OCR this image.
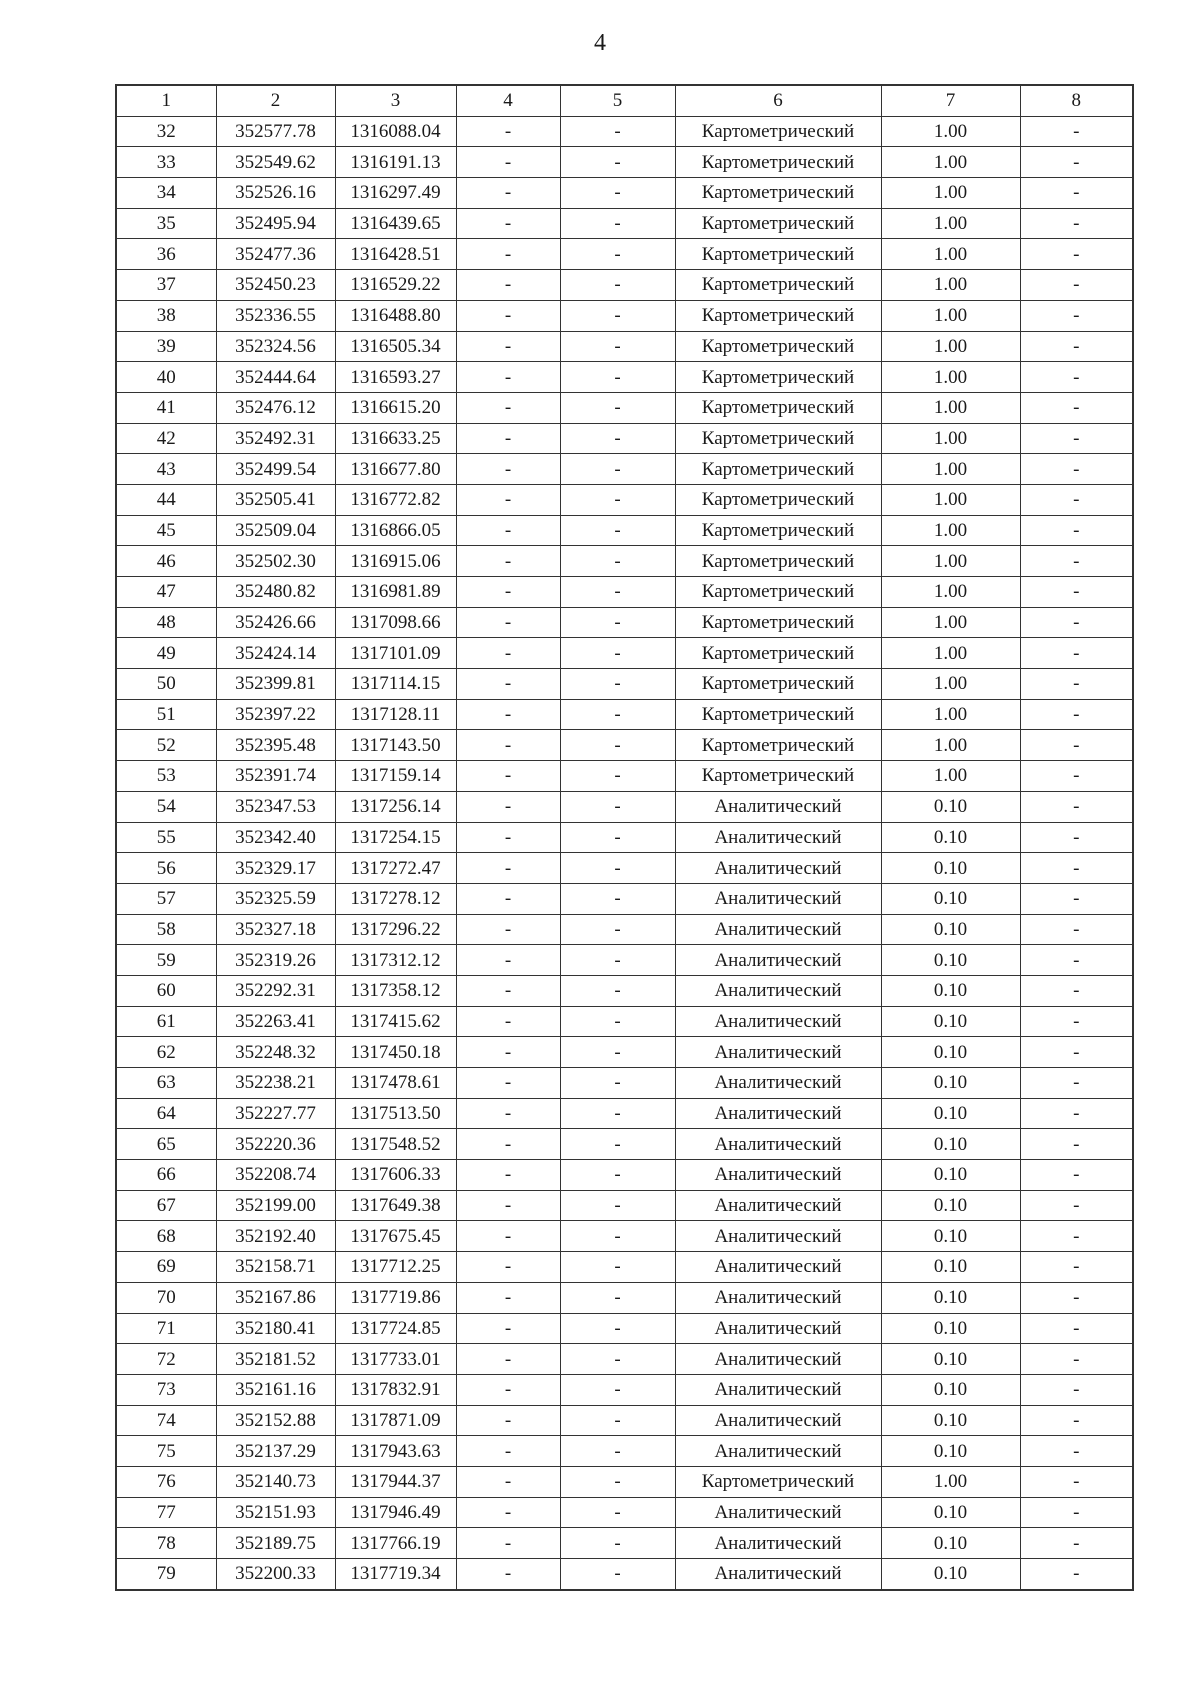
4
1	2	3	4	5	6	7	8
32	352577.78	1316088.04	-	-	Картометрический	1.00	-
33	352549.62	1316191.13	-	-	Картометрический	1.00	-
34	352526.16	1316297.49	-	-	Картометрический	1.00	-
35	352495.94	1316439.65	-	-	Картометрический	1.00	-
36	352477.36	1316428.51	-	-	Картометрический	1.00	-
37	352450.23	1316529.22	-	-	Картометрический	1.00	-
38	352336.55	1316488.80	-	-	Картометрический	1.00	-
39	352324.56	1316505.34	-	-	Картометрический	1.00	-
40	352444.64	1316593.27	-	-	Картометрический	1.00	-
41	352476.12	1316615.20	-	-	Картометрический	1.00	-
42	352492.31	1316633.25	-	-	Картометрический	1.00	-
43	352499.54	1316677.80	-	-	Картометрический	1.00	-
44	352505.41	1316772.82	-	-	Картометрический	1.00	-
45	352509.04	1316866.05	-	-	Картометрический	1.00	-
46	352502.30	1316915.06	-	-	Картометрический	1.00	-
47	352480.82	1316981.89	-	-	Картометрический	1.00	-
48	352426.66	1317098.66	-	-	Картометрический	1.00	-
49	352424.14	1317101.09	-	-	Картометрический	1.00	-
50	352399.81	1317114.15	-	-	Картометрический	1.00	-
51	352397.22	1317128.11	-	-	Картометрический	1.00	-
52	352395.48	1317143.50	-	-	Картометрический	1.00	-
53	352391.74	1317159.14	-	-	Картометрический	1.00	-
54	352347.53	1317256.14	-	-	Аналитический	0.10	-
55	352342.40	1317254.15	-	-	Аналитический	0.10	-
56	352329.17	1317272.47	-	-	Аналитический	0.10	-
57	352325.59	1317278.12	-	-	Аналитический	0.10	-
58	352327.18	1317296.22	-	-	Аналитический	0.10	-
59	352319.26	1317312.12	-	-	Аналитический	0.10	-
60	352292.31	1317358.12	-	-	Аналитический	0.10	-
61	352263.41	1317415.62	-	-	Аналитический	0.10	-
62	352248.32	1317450.18	-	-	Аналитический	0.10	-
63	352238.21	1317478.61	-	-	Аналитический	0.10	-
64	352227.77	1317513.50	-	-	Аналитический	0.10	-
65	352220.36	1317548.52	-	-	Аналитический	0.10	-
66	352208.74	1317606.33	-	-	Аналитический	0.10	-
67	352199.00	1317649.38	-	-	Аналитический	0.10	-
68	352192.40	1317675.45	-	-	Аналитический	0.10	-
69	352158.71	1317712.25	-	-	Аналитический	0.10	-
70	352167.86	1317719.86	-	-	Аналитический	0.10	-
71	352180.41	1317724.85	-	-	Аналитический	0.10	-
72	352181.52	1317733.01	-	-	Аналитический	0.10	-
73	352161.16	1317832.91	-	-	Аналитический	0.10	-
74	352152.88	1317871.09	-	-	Аналитический	0.10	-
75	352137.29	1317943.63	-	-	Аналитический	0.10	-
76	352140.73	1317944.37	-	-	Картометрический	1.00	-
77	352151.93	1317946.49	-	-	Аналитический	0.10	-
78	352189.75	1317766.19	-	-	Аналитический	0.10	-
79	352200.33	1317719.34	-	-	Аналитический	0.10	-
